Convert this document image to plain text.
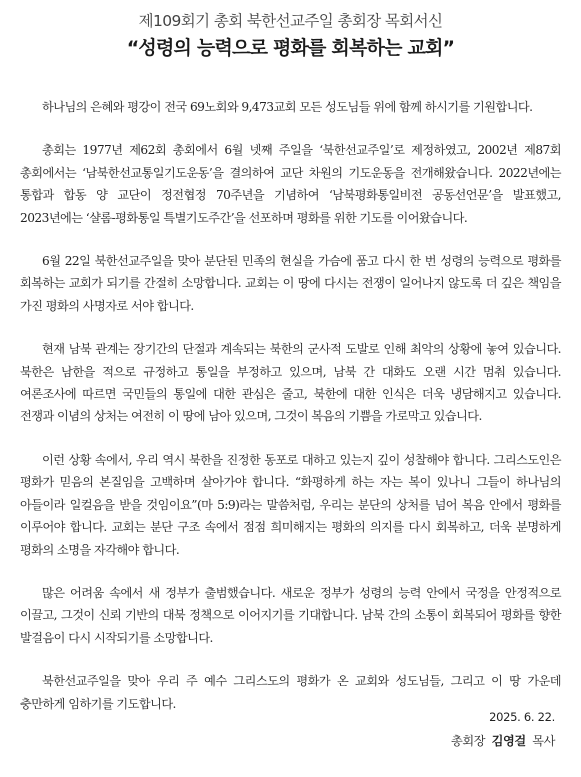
제109회기 총회 북한선교주일 총회장 목회서신

“성령의 능력으로 평화를 회복하는 교회”

하나님의 은혜와 평강이 전국 69노회와 9,473교회 모든 성도님들 위에 함께 하시기를 기원합니다.

총회는 1977년 제62회 총회에서 6월 넷째 주일을 ‘북한선교주일’로 제정하였고, 2002년 제87회 총회에서는 ‘남북한선교통일기도운동’을 결의하여 교단 차원의 기도운동을 전개해왔습니다. 2022년에는 통합과 합동 양 교단이 정전협정 70주년을 기념하여 ‘남북평화통일비전 공동선언문’을 발표했고, 2023년에는 ‘샬롬-평화통일 특별기도주간’을 선포하며 평화를 위한 기도를 이어왔습니다.

6월 22일 북한선교주일을 맞아 분단된 민족의 현실을 가슴에 품고 다시 한 번 성령의 능력으로 평화를 회복하는 교회가 되기를 간절히 소망합니다. 교회는 이 땅에 다시는 전쟁이 일어나지 않도록 더 깊은 책임을 가진 평화의 사명자로 서야 합니다.

현재 남북 관계는 장기간의 단절과 계속되는 북한의 군사적 도발로 인해 최악의 상황에 놓여 있습니다. 북한은 남한을 적으로 규정하고 통일을 부정하고 있으며, 남북 간 대화도 오랜 시간 멈춰 있습니다. 여론조사에 따르면 국민들의 통일에 대한 관심은 줄고, 북한에 대한 인식은 더욱 냉담해지고 있습니다. 전쟁과 이념의 상처는 여전히 이 땅에 남아 있으며, 그것이 복음의 기쁨을 가로막고 있습니다.

이런 상황 속에서, 우리 역시 북한을 진정한 동포로 대하고 있는지 깊이 성찰해야 합니다. 그리스도인은 평화가 믿음의 본질임을 고백하며 살아가야 합니다. “화평하게 하는 자는 복이 있나니 그들이 하나님의 아들이라 일컬음을 받을 것임이요”(마 5:9)라는 말씀처럼, 우리는 분단의 상처를 넘어 복음 안에서 평화를 이루어야 합니다. 교회는 분단 구조 속에서 점점 희미해지는 평화의 의지를 다시 회복하고, 더욱 분명하게 평화의 소명을 자각해야 합니다.

많은 어려움 속에서 새 정부가 출범했습니다. 새로운 정부가 성령의 능력 안에서 국정을 안정적으로 이끌고, 그것이 신뢰 기반의 대북 정책으로 이어지기를 기대합니다. 남북 간의 소통이 회복되어 평화를 향한 발걸음이 다시 시작되기를 소망합니다.

북한선교주일을 맞아 우리 주 예수 그리스도의 평화가 온 교회와 성도님들, 그리고 이 땅 가운데 충만하게 임하기를 기도합니다.

2025. 6. 22.
총회장 김영걸 목사
